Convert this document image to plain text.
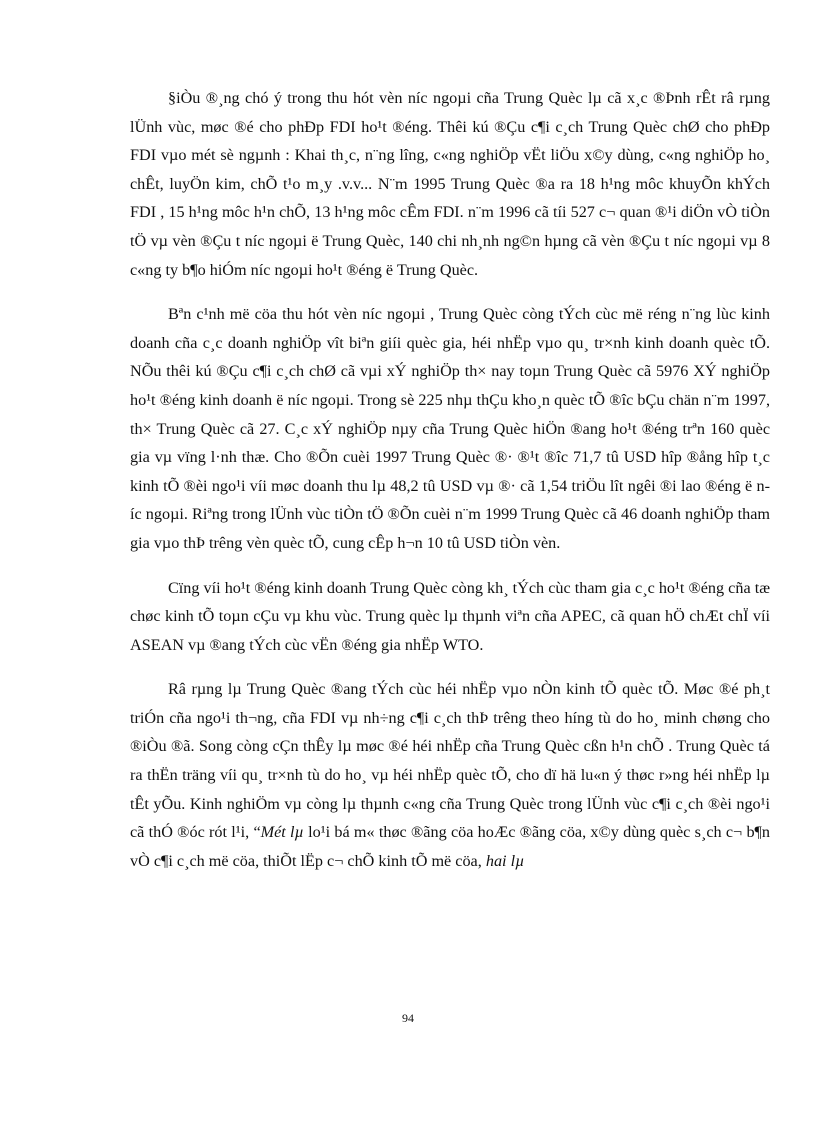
§iÒu ®¸ng chó ý trong thu hót vèn níc ngoµi cña Trung Quèc lµ cã x¸c ®Þnh rÊt râ rµng lÜnh vùc, møc ®é cho phÐp FDI ho¹t ®éng. Thêi kú ®Çu c¶i c¸ch Trung Quèc chØ cho phÐp FDI vµo mét sè ngµnh : Khai th¸c, n¨ng lîng, c«ng nghiÖp vËt liÖu x©y dùng, c«ng nghiÖp ho¸ chÊt, luyÖn kim, chÕ t¹o m¸y .v.v... N¨m 1995 Trung Quèc ®a ra 18 h¹ng môc khuyÕn khÝch FDI , 15 h¹ng môc h¹n chÕ, 13 h¹ng môc cÊm FDI. n¨m 1996 cã tíi 527 c¬ quan ®¹i diÖn vÒ tiÒn tÖ vµ vèn ®Çu t níc ngoµi ë Trung Quèc, 140 chi nh¸nh ng©n hµng cã vèn ®Çu t níc ngoµi vµ 8 c«ng ty b¶o hiÓm níc ngoµi ho¹t ®éng ë Trung Quèc.

Bªn c¹nh më cöa thu hót vèn níc ngoµi , Trung Quèc còng tÝch cùc më réng n¨ng lùc kinh doanh cña c¸c doanh nghiÖp vît biªn giíi quèc gia, héi nhËp vµo qu¸ tr×nh kinh doanh quèc tÕ. NÕu thêi kú ®Çu c¶i c¸ch chØ cã vµi xÝ nghiÖp th× nay toµn Trung Quèc cã 5976 XÝ nghiÖp ho¹t ®éng kinh doanh ë níc ngoµi. Trong sè 225 nhµ thÇu kho¸n quèc tÕ ®îc bÇu chän n¨m 1997, th× Trung Quèc cã 27. C¸c xÝ nghiÖp nµy cña Trung Quèc hiÖn ®ang ho¹t ®éng trªn 160 quèc gia vµ vïng l·nh thæ. Cho ®Õn cuèi 1997 Trung Quèc ®· ®¹t ®îc 71,7 tû USD hîp ®ång hîp t¸c kinh tÕ ®èi ngo¹i víi møc doanh thu lµ 48,2 tû USD vµ ®· cã 1,54 triÖu lît ngêi ®i lao ®éng ë níc ngoµi. Riªng trong lÜnh vùc tiÒn tÖ ®Õn cuèi n¨m 1999 Trung Quèc cã 46 doanh nghiÖp tham gia vµo thÞ trêng vèn quèc tÕ, cung cÊp h¬n 10 tû USD tiÒn vèn.

Cïng víi ho¹t ®éng kinh doanh Trung Quèc còng kh¸ tÝch cùc tham gia c¸c ho¹t ®éng cña tæ chøc kinh tÕ toµn cÇu vµ khu vùc. Trung quèc lµ thµnh viªn cña APEC, cã quan hÖ chÆt chÏ víi ASEAN vµ ®ang tÝch cùc vËn ®éng gia nhËp WTO.

Râ rµng lµ Trung Quèc ®ang tÝch cùc héi nhËp vµo nÒn kinh tÕ quèc tÕ. Møc ®é ph¸t triÓn cña ngo¹i th¬ng, cña FDI vµ nh÷ng c¶i c¸ch thÞ trêng theo híng tù do ho¸ minh chøng cho ®iÒu ®ã. Song còng cÇn thÊy lµ møc ®é héi nhËp cña Trung Quèc cßn h¹n chÕ . Trung Quèc tá ra thËn träng víi qu¸ tr×nh tù do ho¸ vµ héi nhËp quèc tÕ, cho dï hä lu«n ý thøc r»ng héi nhËp lµ tÊt yÕu. Kinh nghiÖm vµ còng lµ thµnh c«ng cña Trung Quèc trong lÜnh vùc c¶i c¸ch ®èi ngo¹i cã thÓ ®óc rót l¹i, “Mét lµ lo¹i bá m« thøc ®ãng cöa hoÆc ®ãng cöa, x©y dùng quèc s¸ch c¬ b¶n vÒ c¶i c¸ch më cöa, thiÕt lËp c¬ chÕ kinh tÕ më cöa, hai lµ

94
